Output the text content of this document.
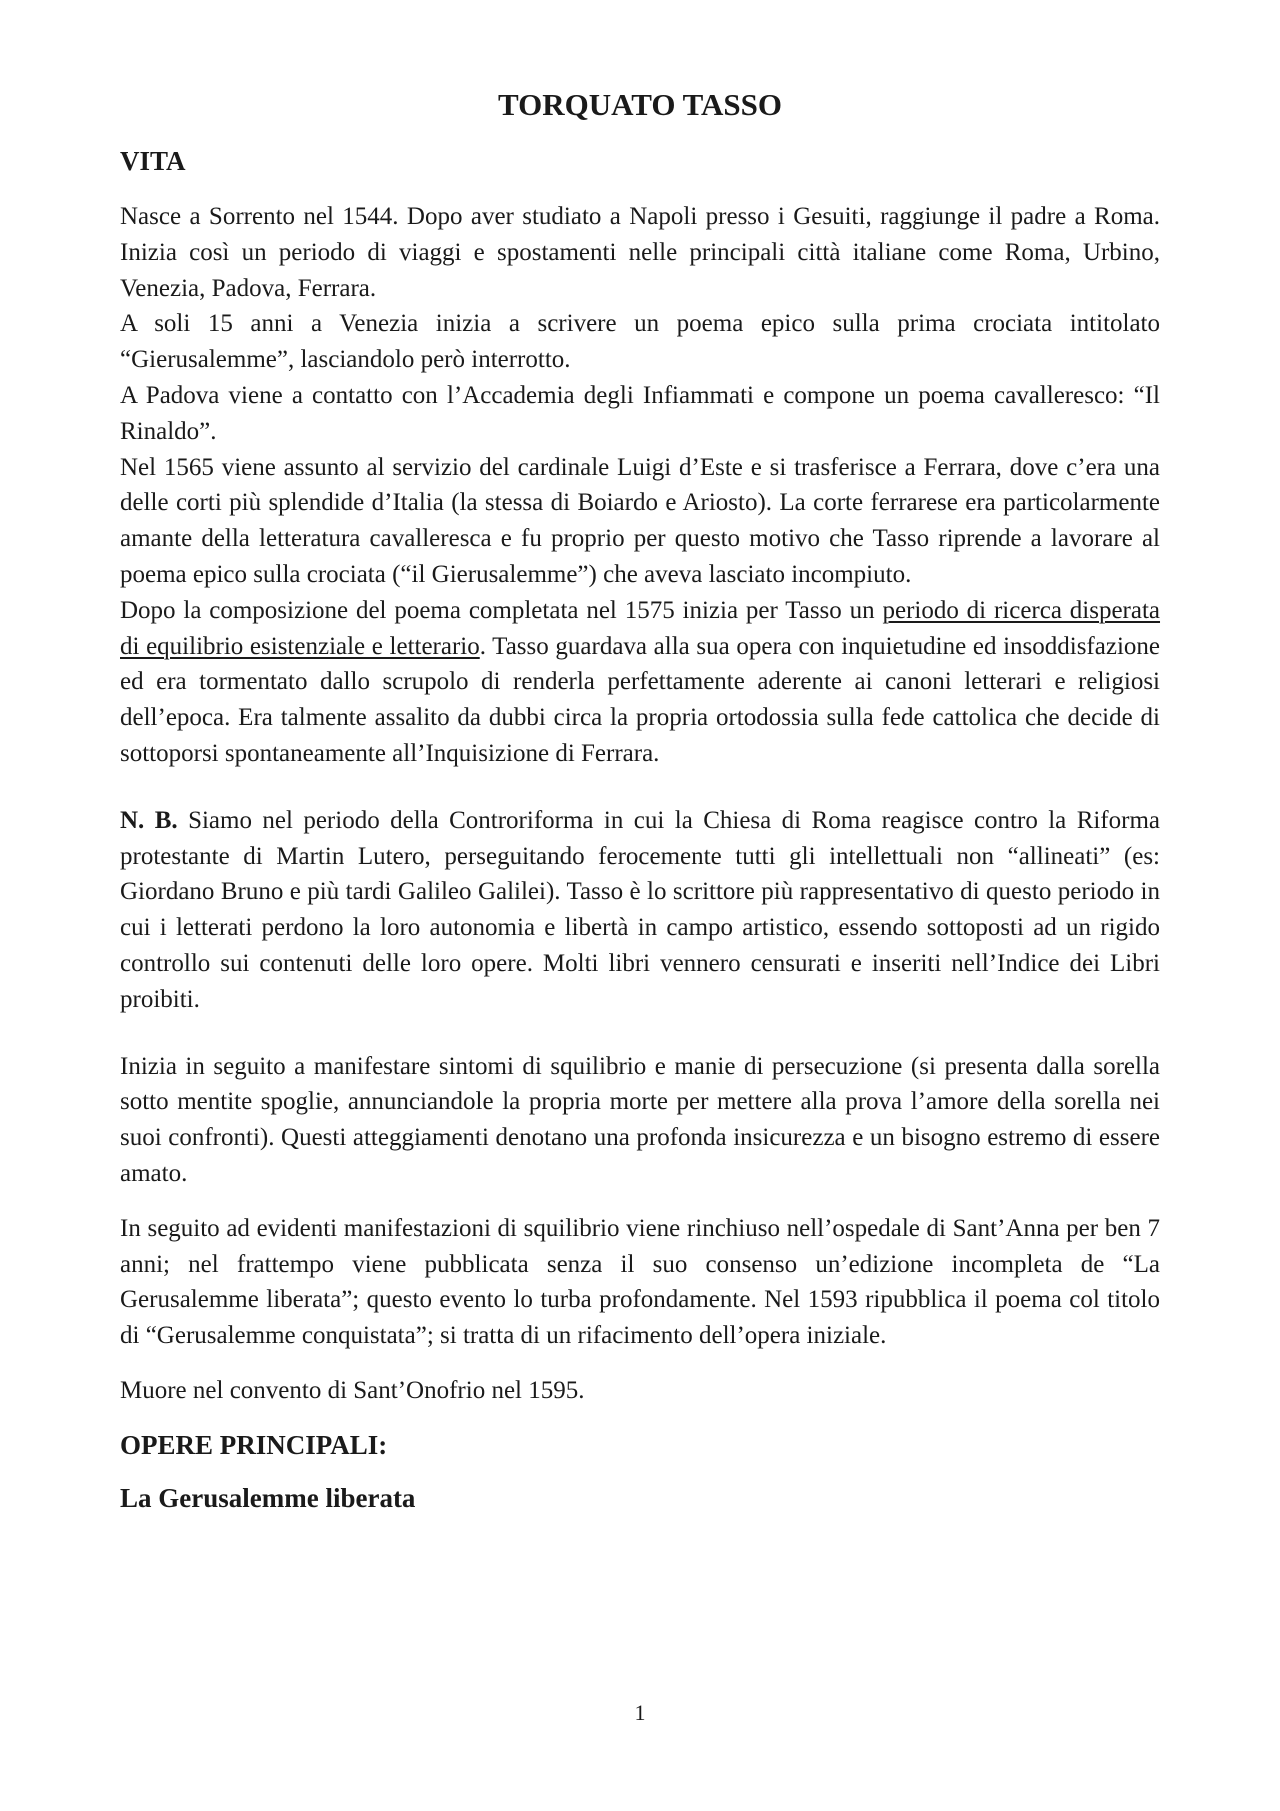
TORQUATO TASSO
VITA

Nasce a Sorrento nel 1544. Dopo aver studiato a Napoli presso i Gesuiti, raggiunge il padre a Roma. Inizia così un periodo di viaggi e spostamenti nelle principali città italiane come Roma, Urbino, Venezia, Padova, Ferrara.

A soli 15 anni a Venezia inizia a scrivere un poema epico sulla prima crociata intitolato “Gierusalemme”, lasciandolo però interrotto.

A Padova viene a contatto con l’Accademia degli Infiammati e compone un poema cavalleresco: “Il Rinaldo”.

Nel 1565 viene assunto al servizio del cardinale Luigi d’Este e si trasferisce a Ferrara, dove c’era una delle corti più splendide d’Italia (la stessa di Boiardo e Ariosto). La corte ferrarese era particolarmente amante della letteratura cavalleresca e fu proprio per questo motivo che Tasso riprende a lavorare al poema epico sulla crociata (“il Gierusalemme”) che aveva lasciato incompiuto.

Dopo la composizione del poema completata nel 1575 inizia per Tasso un periodo di ricerca disperata di equilibrio esistenziale e letterario. Tasso guardava alla sua opera con inquietudine ed insoddisfazione ed era tormentato dallo scrupolo di renderla perfettamente aderente ai canoni letterari e religiosi dell’epoca. Era talmente assalito da dubbi circa la propria ortodossia sulla fede cattolica che decide di sottoporsi spontaneamente all’Inquisizione di Ferrara.

N. B. Siamo nel periodo della Controriforma in cui la Chiesa di Roma reagisce contro la Riforma protestante di Martin Lutero, perseguitando ferocemente tutti gli intellettuali non “allineati” (es: Giordano Bruno e più tardi Galileo Galilei). Tasso è lo scrittore più rappresentativo di questo periodo in cui i letterati perdono la loro autonomia e libertà in campo artistico, essendo sottoposti ad un rigido controllo sui contenuti delle loro opere. Molti libri vennero censurati e inseriti nell’Indice dei Libri proibiti.

Inizia in seguito a manifestare sintomi di squilibrio e manie di persecuzione (si presenta dalla sorella sotto mentite spoglie, annunciandole la propria morte per mettere alla prova l’amore della sorella nei suoi confronti). Questi atteggiamenti denotano una profonda insicurezza e un bisogno estremo di essere amato.

In seguito ad evidenti manifestazioni di squilibrio viene rinchiuso nell’ospedale di Sant’Anna per ben 7 anni; nel frattempo viene pubblicata senza il suo consenso un’edizione incompleta de “La Gerusalemme liberata”; questo evento lo turba profondamente. Nel 1593 ripubblica il poema col titolo di “Gerusalemme conquistata”; si tratta di un rifacimento dell’opera iniziale.

Muore nel convento di Sant’Onofrio nel 1595.

OPERE PRINCIPALI:
La Gerusalemme liberata
1
